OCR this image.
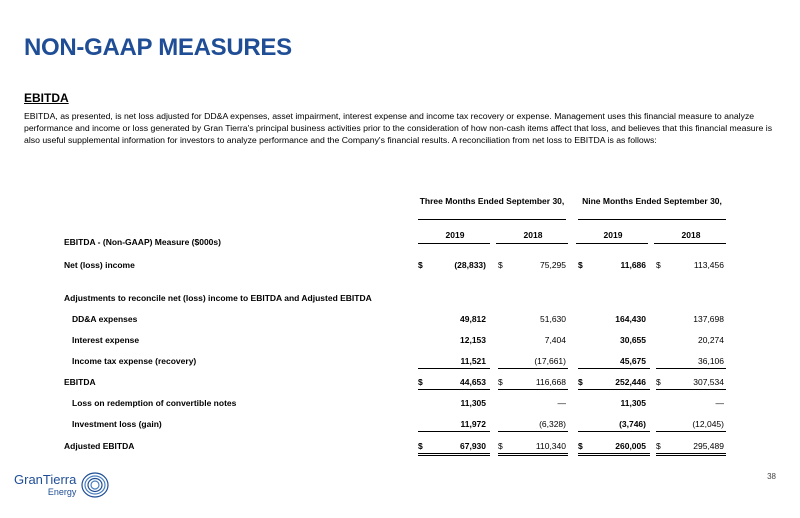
NON-GAAP MEASURES
EBITDA
EBITDA, as presented, is net loss adjusted for DD&A expenses, asset impairment, interest expense and income tax recovery or expense. Management uses this financial measure to analyze performance and income or loss generated by Gran Tierra's principal business activities prior to the consideration of how non-cash items affect that loss, and believes that this financial measure is also useful supplemental information for investors to analyze performance and the Company's financial results. A reconciliation from net loss to EBITDA is as follows:
Three Months Ended September 30,	Nine Months Ended September 30,
2019	2018	2019	2018
EBITDA - (Non-GAAP) Measure ($000s)
Net (loss) income	$	(28,833) $	75,295 $	11,686 $	113,456
Adjustments to reconcile net (loss) income to EBITDA and Adjusted EBITDA
DD&A expenses	49,812	51,630	164,430	137,698
Interest expense	12,153	7,404	30,655	20,274
Income tax expense (recovery)	11,521	(17,661)	45,675	36,106
EBITDA	$	44,653 $	116,668 $	252,446 $	307,534
Loss on redemption of convertible notes	11,305	—	11,305	—
Investment loss (gain)	11,972	(6,328)	(3,746)	(12,045)
Adjusted EBITDA	$	67,930 $	110,340 $	260,005 $	295,489
GranTierra
Energy
38
